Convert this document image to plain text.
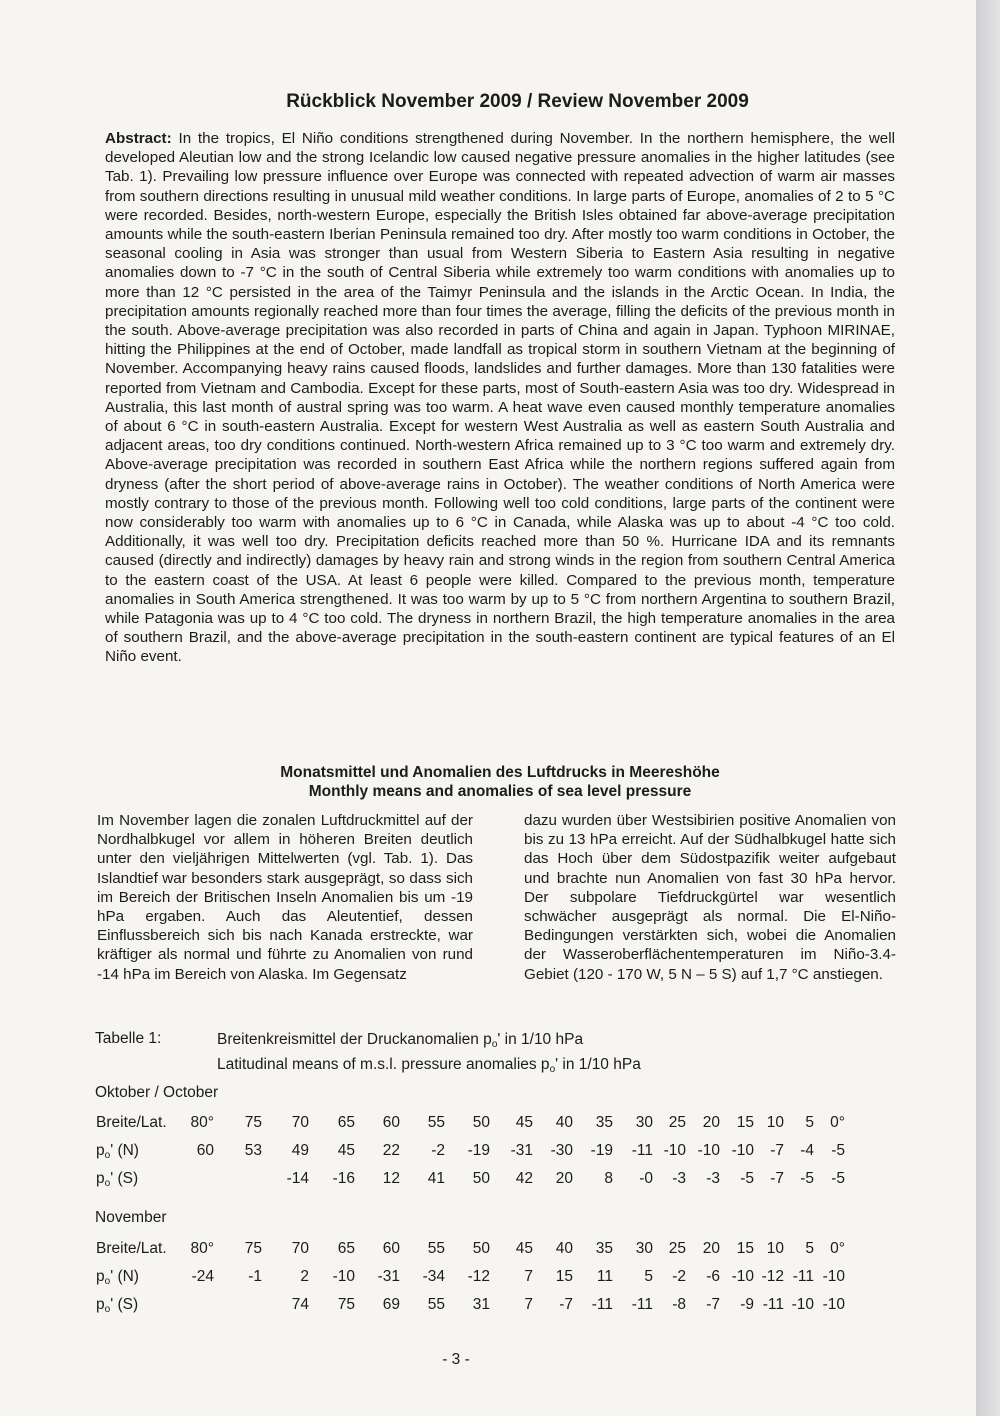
Rückblick November 2009 / Review November 2009
Abstract: In the tropics, El Niño conditions strengthened during November. In the northern hemisphere, the well developed Aleutian low and the strong Icelandic low caused negative pressure anomalies in the higher latitudes (see Tab. 1). Prevailing low pressure influence over Europe was connected with repeated advection of warm air masses from southern directions resulting in unusual mild weather conditions. In large parts of Europe, anomalies of 2 to 5 °C were recorded. Besides, north-western Europe, especially the British Isles obtained far above-average precipitation amounts while the south-eastern Iberian Peninsula remained too dry. After mostly too warm conditions in October, the seasonal cooling in Asia was stronger than usual from Western Siberia to Eastern Asia resulting in negative anomalies down to -7 °C in the south of Central Siberia while extremely too warm conditions with anomalies up to more than 12 °C persisted in the area of the Taimyr Peninsula and the islands in the Arctic Ocean. In India, the precipitation amounts regionally reached more than four times the average, filling the deficits of the previous month in the south. Above-average precipitation was also recorded in parts of China and again in Japan. Typhoon MIRINAE, hitting the Philippines at the end of October, made landfall as tropical storm in southern Vietnam at the beginning of November. Accompanying heavy rains caused floods, landslides and further damages. More than 130 fatalities were reported from Vietnam and Cambodia. Except for these parts, most of South-eastern Asia was too dry. Widespread in Australia, this last month of austral spring was too warm. A heat wave even caused monthly temperature anomalies of about 6 °C in south-eastern Australia. Except for western West Australia as well as eastern South Australia and adjacent areas, too dry conditions continued. North-western Africa remained up to 3 °C too warm and extremely dry. Above-average precipitation was recorded in southern East Africa while the northern regions suffered again from dryness (after the short period of above-average rains in October). The weather conditions of North America were mostly contrary to those of the previous month. Following well too cold conditions, large parts of the continent were now considerably too warm with anomalies up to 6 °C in Canada, while Alaska was up to about -4 °C too cold. Additionally, it was well too dry. Precipitation deficits reached more than 50 %. Hurricane IDA and its remnants caused (directly and indirectly) damages by heavy rain and strong winds in the region from southern Central America to the eastern coast of the USA. At least 6 people were killed. Compared to the previous month, temperature anomalies in South America strengthened. It was too warm by up to 5 °C from northern Argentina to southern Brazil, while Patagonia was up to 4 °C too cold. The dryness in northern Brazil, the high temperature anomalies in the area of southern Brazil, and the above-average precipitation in the south-eastern continent are typical features of an El Niño event.
Monatsmittel und Anomalien des Luftdrucks in Meereshöhe
Monthly means and anomalies of sea level pressure
Im November lagen die zonalen Luftdruckmittel auf der Nordhalbkugel vor allem in höheren Breiten deutlich unter den vieljährigen Mittelwerten (vgl. Tab. 1). Das Islandtief war besonders stark ausgeprägt, so dass sich im Bereich der Britischen Inseln Anomalien bis um -19 hPa ergaben. Auch das Aleutentief, dessen Einflussbereich sich bis nach Kanada erstreckte, war kräftiger als normal und führte zu Anomalien von rund -14 hPa im Bereich von Alaska. Im Gegensatz
dazu wurden über Westsibirien positive Anomalien von bis zu 13 hPa erreicht. Auf der Südhalbkugel hatte sich das Hoch über dem Südostpazifik weiter aufgebaut und brachte nun Anomalien von fast 30 hPa hervor. Der subpolare Tiefdruckgürtel war wesentlich schwächer ausgeprägt als normal. Die El-Niño-Bedingungen verstärkten sich, wobei die Anomalien der Wasseroberflächentemperaturen im Niño-3.4-Gebiet (120 - 170 W, 5 N – 5 S) auf 1,7 °C anstiegen.
Tabelle 1:	Breitenkreismittel der Druckanomalien $p_o'$ in 1/10 hPa
Latitudinal means of m.s.l. pressure anomalies $p_o'$ in 1/10 hPa
Oktober / October
Breite/Lat.	80°	75	70	65	60	55	50	45	40	35	30	25	20	15	10	5	0°
$p_o'$ (N)	60	53	49	45	22	-2	-19	-31	-30	-19	-11	-10	-10	-10	-7	-4	-5
$p_o'$ (S)			-14	-16	12	41	50	42	20	8	-0	-3	-3	-5	-7	-5	-5
November
Breite/Lat.	80°	75	70	65	60	55	50	45	40	35	30	25	20	15	10	5	0°
$p_o'$ (N)	-24	-1	2	-10	-31	-34	-12	7	15	11	5	-2	-6	-10	-12	-11	-10
$p_o'$ (S)			74	75	69	55	31	7	-7	-11	-11	-8	-7	-9	-11	-10	-10
- 3 -
